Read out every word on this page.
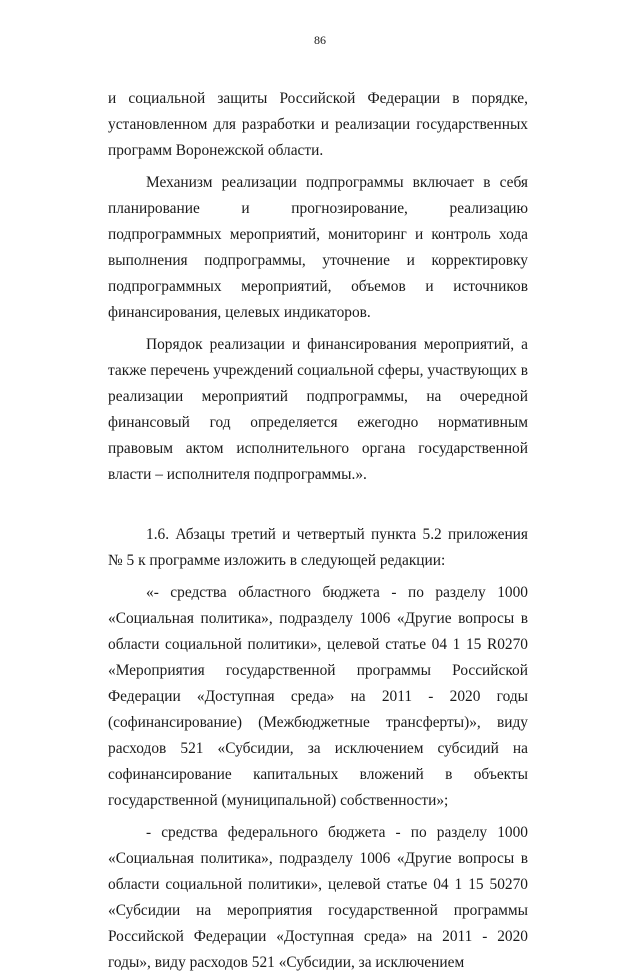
86

и социальной защиты Российской Федерации в порядке, установленном для разработки и реализации государственных программ Воронежской области.

Механизм реализации подпрограммы включает в себя планирование и прогнозирование, реализацию подпрограммных мероприятий, мониторинг и контроль хода выполнения подпрограммы, уточнение и корректировку подпрограммных мероприятий, объемов и источников финансирования, целевых индикаторов.

Порядок реализации и финансирования мероприятий, а также перечень учреждений социальной сферы, участвующих в реализации мероприятий подпрограммы, на очередной финансовый год определяется ежегодно нормативным правовым актом исполнительного органа государственной власти – исполнителя подпрограммы.».

1.6. Абзацы третий и четвертый пункта 5.2 приложения № 5 к программе изложить в следующей редакции:

«- средства областного бюджета - по разделу 1000 «Социальная политика», подразделу 1006 «Другие вопросы в области социальной политики», целевой статье 04 1 15 R0270 «Мероприятия государственной программы Российской Федерации «Доступная среда» на 2011 - 2020 годы (софинансирование) (Межбюджетные трансферты)», виду расходов 521 «Субсидии, за исключением субсидий на софинансирование капитальных вложений в объекты государственной (муниципальной) собственности»;

- средства федерального бюджета - по разделу 1000 «Социальная политика», подразделу 1006 «Другие вопросы в области социальной политики», целевой статье 04 1 15 50270 «Субсидии на мероприятия государственной программы Российской Федерации «Доступная среда» на 2011 - 2020 годы», виду расходов 521 «Субсидии, за исключением
